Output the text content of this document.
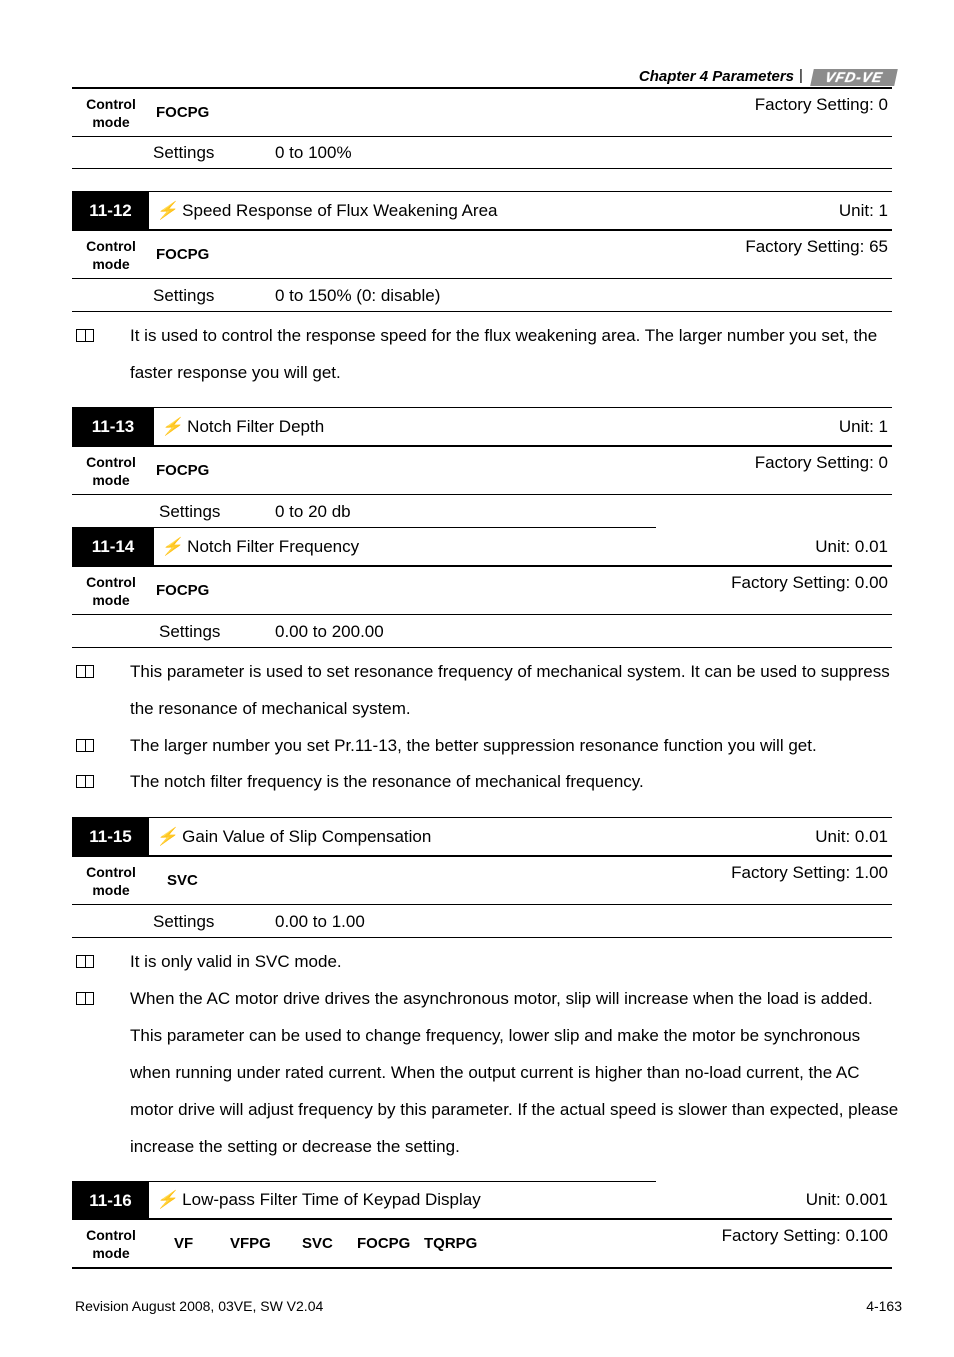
Chapter 4 Parameters |	VFD-VE
Control mode
FOCPG	Factory Setting: 0
Settings	0 to 100%
11-12	⚡ Speed Response of Flux Weakening Area	Unit: 1
Control mode
FOCPG	Factory Setting: 65
Settings	0 to 150% (0: disable)
It is used to control the response speed for the flux weakening area. The larger number you set, the faster response you will get.
11-13	⚡ Notch Filter Depth	Unit: 1
Control mode
FOCPG	Factory Setting: 0
Settings	0 to 20 db
11-14	⚡ Notch Filter Frequency	Unit: 0.01
Control mode
FOCPG	Factory Setting: 0.00
Settings	0.00 to 200.00
This parameter is used to set resonance frequency of mechanical system. It can be used to suppress the resonance of mechanical system.
The larger number you set Pr.11-13, the better suppression resonance function you will get.
The notch filter frequency is the resonance of mechanical frequency.
11-15	⚡ Gain Value of Slip Compensation	Unit: 0.01
Control mode
SVC	Factory Setting: 1.00
Settings	0.00 to 1.00
It is only valid in SVC mode.
When the AC motor drive drives the asynchronous motor, slip will increase when the load is added. This parameter can be used to change frequency, lower slip and make the motor be synchronous when running under rated current. When the output current is higher than no-load current, the AC motor drive will adjust frequency by this parameter. If the actual speed is slower than expected, please increase the setting or decrease the setting.
11-16	⚡ Low-pass Filter Time of Keypad Display	Unit: 0.001
Control mode
VF VFPG SVC FOCPG TQRPG	Factory Setting: 0.100
Revision August 2008, 03VE, SW V2.04	4-163
